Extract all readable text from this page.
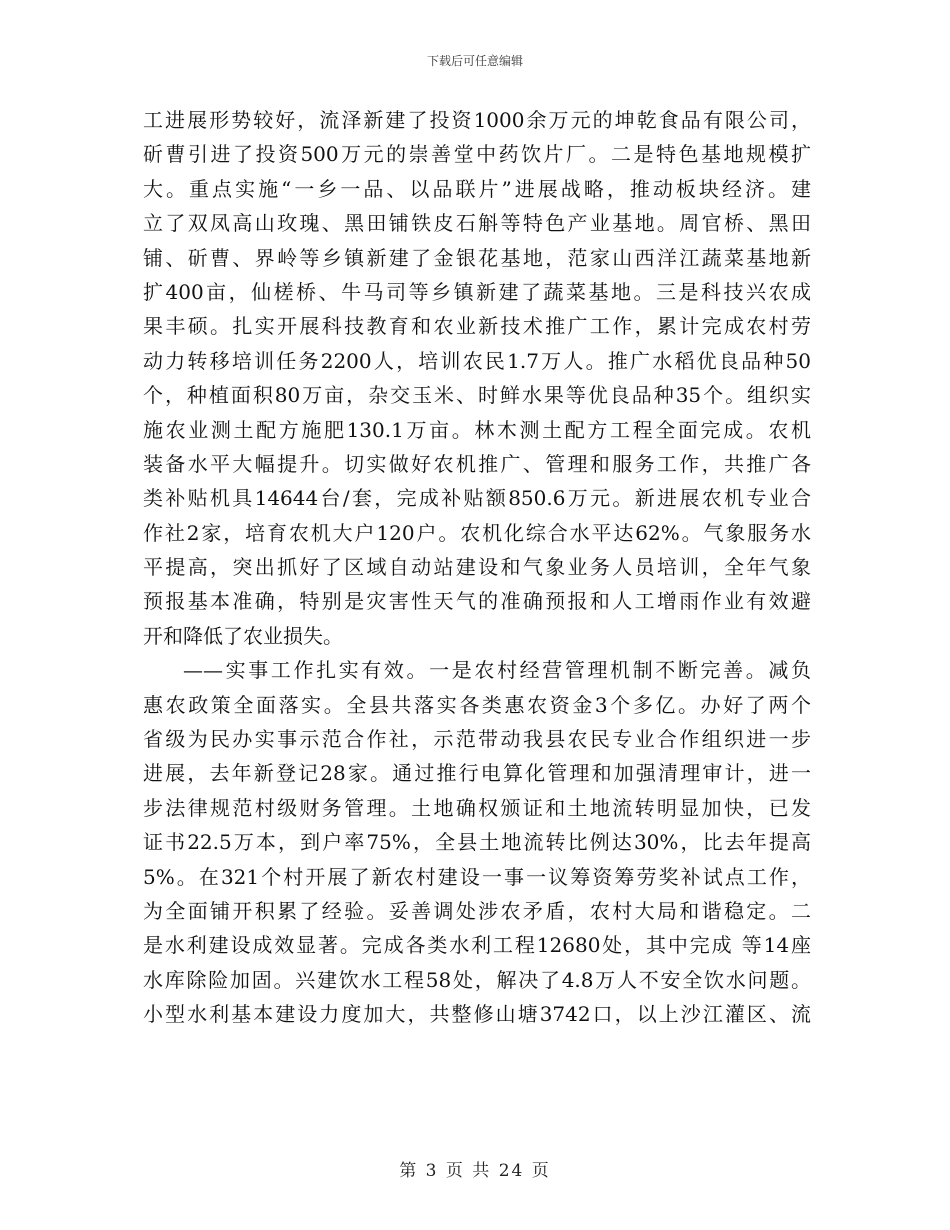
下载后可任意编辑
工进展形势较好，流泽新建了投资1000余万元的坤乾食品有限公司，
斫曹引进了投资500万元的崇善堂中药饮片厂。二是特色基地规模扩
大。重点实施“一乡一品、以品联片”进展战略，推动板块经济。建
立了双凤高山玫瑰、黑田铺铁皮石斛等特色产业基地。周官桥、黑田
铺、斫曹、界岭等乡镇新建了金银花基地，范家山西洋江蔬菜基地新
扩400亩，仙槎桥、牛马司等乡镇新建了蔬菜基地。三是科技兴农成
果丰硕。扎实开展科技教育和农业新技术推广工作，累计完成农村劳
动力转移培训任务2200人，培训农民1.7万人。推广水稻优良品种50
个，种植面积80万亩，杂交玉米、时鲜水果等优良品种35个。组织实
施农业测土配方施肥130.1万亩。林木测土配方工程全面完成。农机
装备水平大幅提升。切实做好农机推广、管理和服务工作，共推广各
类补贴机具14644台/套，完成补贴额850.6万元。新进展农机专业合
作社2家，培育农机大户120户。农机化综合水平达62%。气象服务水
平提高，突出抓好了区域自动站建设和气象业务人员培训，全年气象
预报基本准确，特别是灾害性天气的准确预报和人工增雨作业有效避
开和降低了农业损失。
——实事工作扎实有效。一是农村经营管理机制不断完善。减负
惠农政策全面落实。全县共落实各类惠农资金3个多亿。办好了两个
省级为民办实事示范合作社，示范带动我县农民专业合作组织进一步
进展，去年新登记28家。通过推行电算化管理和加强清理审计，进一
步法律规范村级财务管理。土地确权颁证和土地流转明显加快，已发
证书22.5万本，到户率75%，全县土地流转比例达30%，比去年提高
5%。在321个村开展了新农村建设一事一议筹资筹劳奖补试点工作，
为全面铺开积累了经验。妥善调处涉农矛盾，农村大局和谐稳定。二
是水利建设成效显著。完成各类水利工程12680处，其中完成 等14座
水库除险加固。兴建饮水工程58处，解决了4.8万人不安全饮水问题。
小型水利基本建设力度加大，共整修山塘3742口，以上沙江灌区、流
第 3 页 共 24 页
